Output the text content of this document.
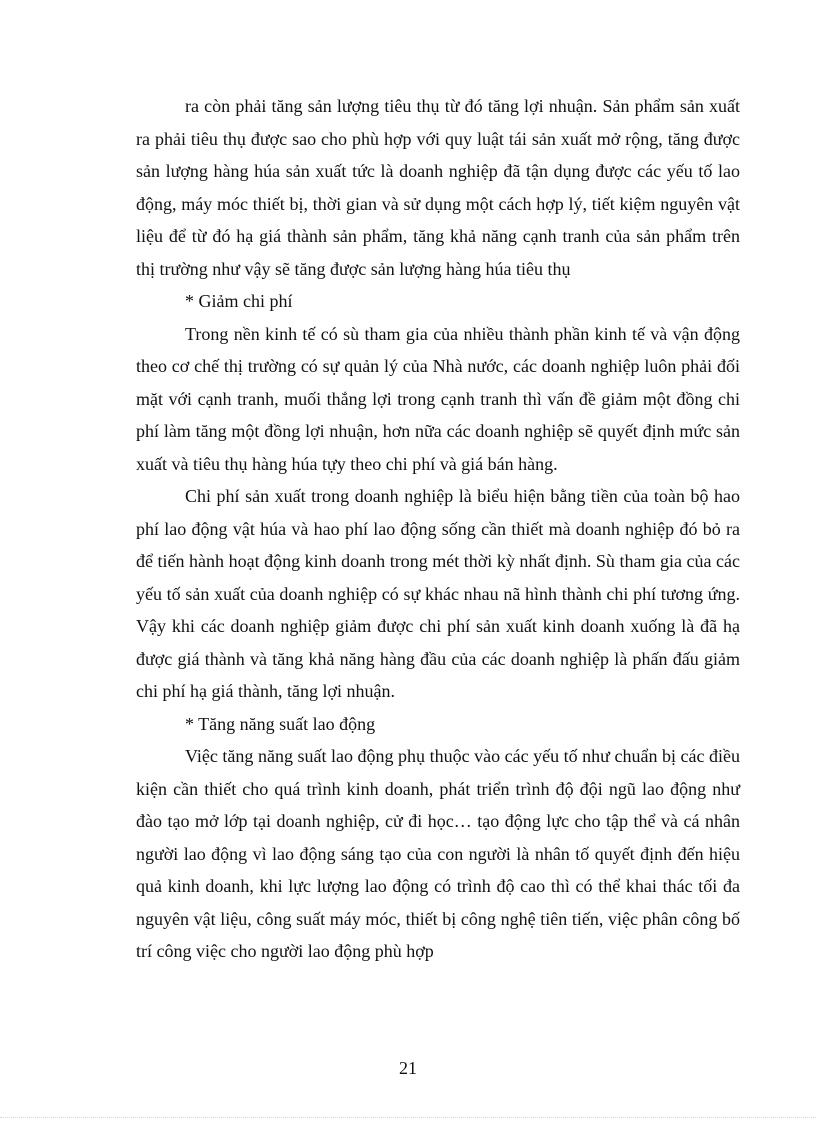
ra còn phải tăng sản lượng tiêu thụ từ đó tăng lợi nhuận. Sản phẩm sản xuất ra phải tiêu thụ được sao cho phù hợp với quy luật tái sản xuất mở rộng, tăng được sản lượng hàng húa sản xuất tức là doanh nghiệp đã tận dụng được các yếu tố lao động, máy móc thiết bị, thời gian và sử dụng một cách hợp lý, tiết kiệm nguyên vật liệu để từ đó hạ giá thành sản phẩm, tăng khả năng cạnh tranh của sản phẩm trên thị trường như vậy sẽ tăng được sản lượng hàng húa tiêu thụ

* Giảm chi phí

Trong nền kinh tế có sù tham gia của nhiều thành phần kinh tế và vận động theo cơ chế thị trường có sự quản lý của Nhà nước, các doanh nghiệp luôn phải đối mặt với cạnh tranh, muối thắng lợi trong cạnh tranh thì vấn đề giảm một đồng chi phí làm tăng một đồng lợi nhuận, hơn nữa các doanh nghiệp sẽ quyết định mức sản xuất và tiêu thụ hàng húa tựy theo chi phí và giá bán hàng.

Chi phí sản xuất trong doanh nghiệp là biểu hiện bằng tiền của toàn bộ hao phí lao động vật húa và hao phí lao động sống cần thiết mà doanh nghiệp đó bỏ ra để tiến hành hoạt động kinh doanh trong mét thời kỳ nhất định. Sù tham gia của các yếu tố sản xuất của doanh nghiệp có sự khác nhau nã hình thành chi phí tương ứng. Vậy khi các doanh nghiệp giảm được chi phí sản xuất kinh doanh xuống là đã hạ được giá thành và tăng khả năng hàng đầu của các doanh nghiệp là phấn đấu giảm chi phí hạ giá thành, tăng lợi nhuận.

* Tăng năng suất lao động

Việc tăng năng suất lao động phụ thuộc vào các yếu tố như chuẩn bị các điều kiện cần thiết cho quá trình kinh doanh, phát triển trình độ đội ngũ lao động như đào tạo mở lớp tại doanh nghiệp, cử đi học… tạo động lực cho tập thể và cá nhân người lao động vì lao động sáng tạo của con người là nhân tố quyết định đến hiệu quả kinh doanh, khi lực lượng lao động có trình độ cao thì có thể khai thác tối đa nguyên vật liệu, công suất máy móc, thiết bị công nghệ tiên tiến, việc phân công bố trí công việc cho người lao động phù hợp

21
